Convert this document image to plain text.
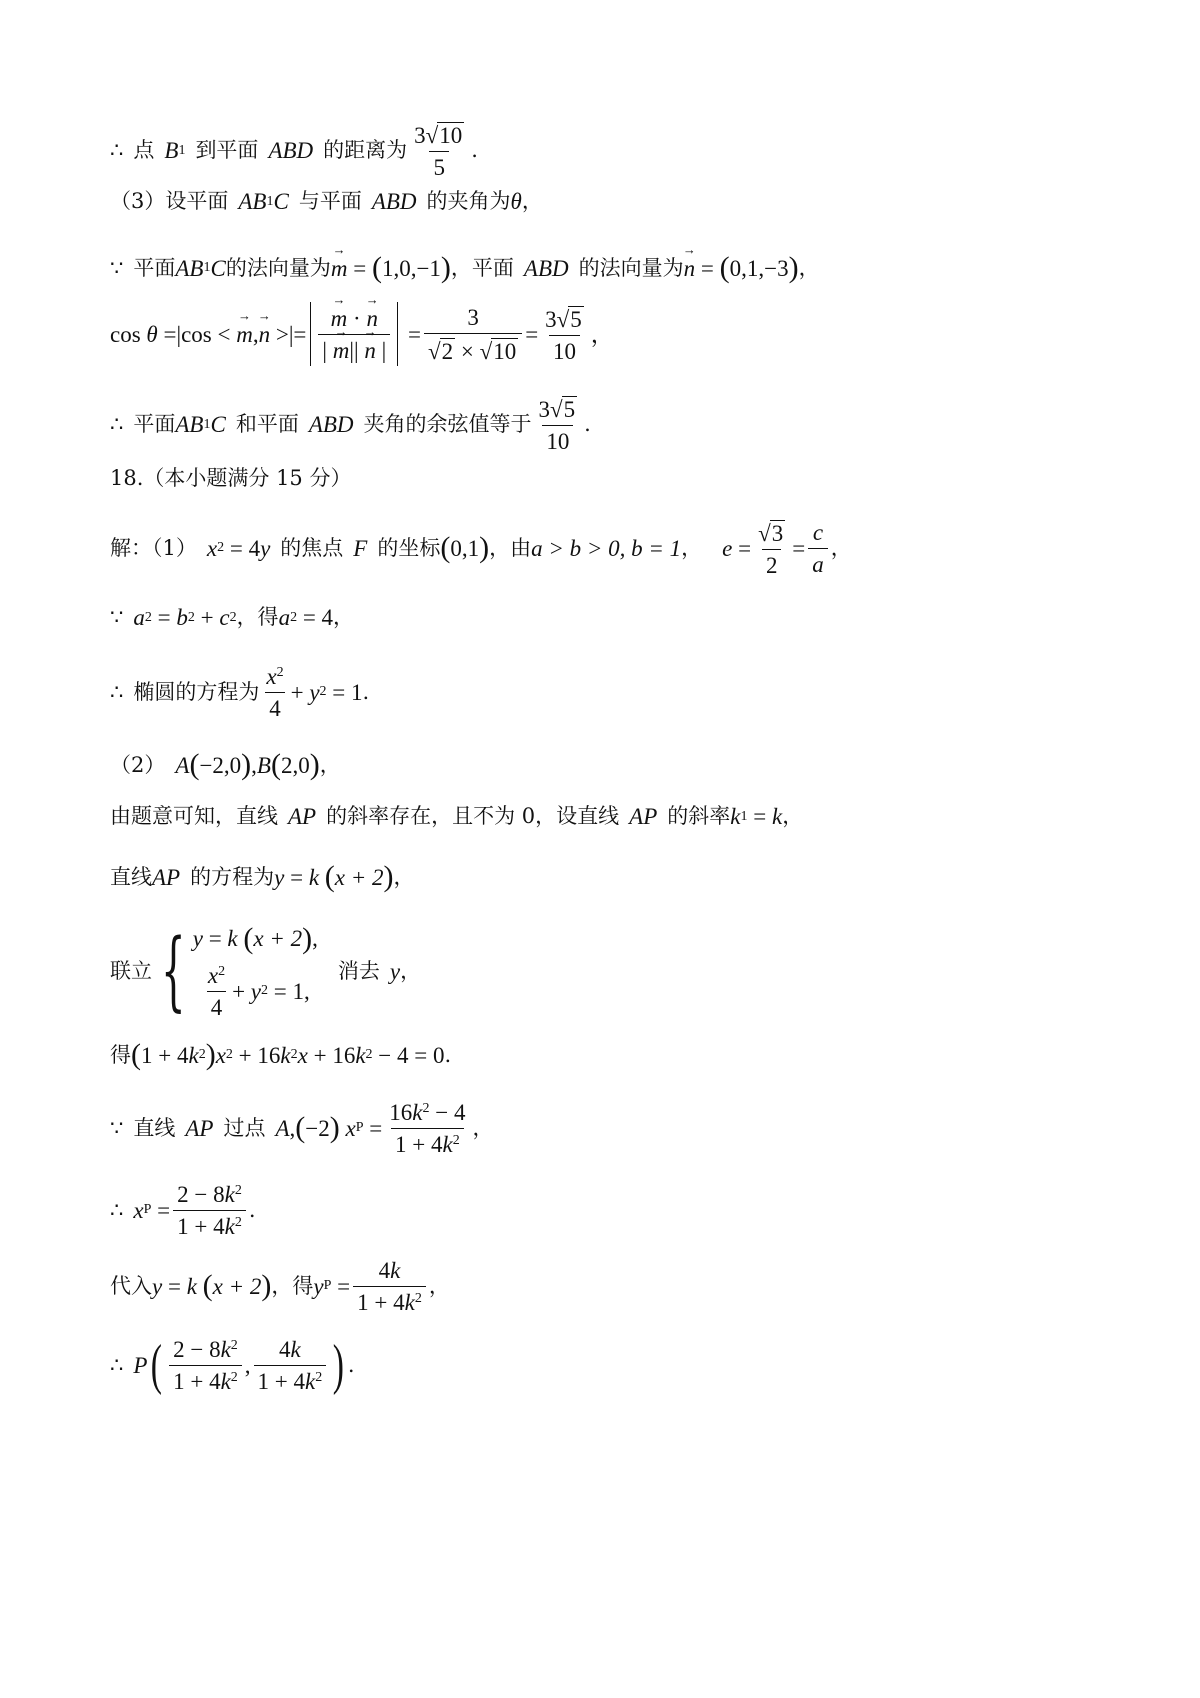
∴ 点 B 1 到平面 ABD 的距离为 $\frac{3 √ 10}{5}$ .
（3）设平面 AB 1 C 与平面 ABD 的夹角为 θ ，
∵ 平面 AB 1 C 的法向量为 → m
=
( 1,0,−1 ) ，平面 ABD 的法向量为 → n
=
( 0,1,−3 ) ，
cos
θ
= | cos <
→ m , → n
> |= → $\frac{m \cdot \to n}{| \to m|| \to n |}$
= $\frac{3}{√ 2 \times √ 10} = \frac{3 √ 5}{10}$ ，
∴ 平面 AB 1 C 和平面 ABD 夹角的余弦值等于 $\frac{3 √ 5}{10}$ .
18.（本小题满分 15 分）
解：（1） x 2
= 4 y 的焦点 F 的坐标 ( 0,1 ) ，由 a > b > 0, b = 1 ， e
= $\frac{√ 3}{2} = \frac{c}{a}$ ，
∵ a 2
=
b 2
+
c 2 ，得 a 2
= 4 ，
∴ 椭圆的方程为 $\frac{x^2}{4}$ +
y 2
= 1 .
（2） A ( −2,0 ) , B ( 2,0 ) ，
由题意可知，直线 AP 的斜率存在，且不为 0，设直线 AP 的斜率 k 1
=
k ，
直线 AP 的方程为 y
=
k
( x + 2 ) ，
联立 { y
=
k
( x + 2 ) ,
$\frac{x^2}{4}$ +
y 2
= 1,
消去 y ，
得 ( 1 + 4 k 2 ) x 2
+ 16 k 2 x
+ 16 k 2
− 4 = 0 .
∵ 直线 AP 过点 A , ( −2 )
x P
= $\frac{16k^2 - 4}{1 + 4k^2}$ ，
∴ x P
= $\frac{2 - 8k^2}{1 + 4k^2}$ .
代入 y
=
k
( x + 2 ) ，得 y P
= $\frac{4k}{1 + 4k^2}$ ，
∴ P ( $\frac{2 - 8k^2}{1 + 4k^2}$ , $\frac{4k}{1 + 4k^2}$ ) .
